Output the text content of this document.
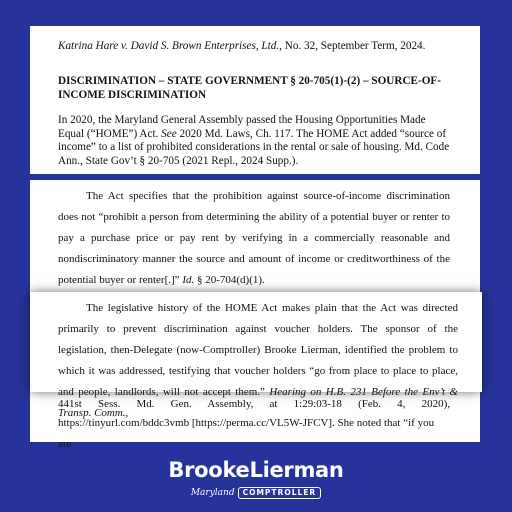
Katrina Hare v. David S. Brown Enterprises, Ltd., No. 32, September Term, 2024.
DISCRIMINATION – STATE GOVERNMENT § 20-705(1)-(2) – SOURCE-OF-INCOME DISCRIMINATION
In 2020, the Maryland General Assembly passed the Housing Opportunities Made Equal (“HOME”) Act. See 2020 Md. Laws, Ch. 117. The HOME Act added “source of income” to a list of prohibited considerations in the rental or sale of housing. Md. Code Ann., State Gov’t § 20-705 (2021 Repl., 2024 Supp.).

The Act specifies that the prohibition against source-of-income discrimination does not “prohibit a person from determining the ability of a potential buyer or renter to pay a purchase price or pay rent by verifying in a commercially reasonable and nondiscriminatory manner the source and amount of income or creditworthiness of the potential buyer or renter[.]” Id. § 20-704(d)(1).

The legislative history of the HOME Act makes plain that the Act was directed primarily to prevent discrimination against voucher holders. The sponsor of the legislation, then-Delegate (now-Comptroller) Brooke Lierman, identified the problem to which it was addressed, testifying that voucher holders “go from place to place to place, and people, landlords, will not accept them.” Hearing on H.B. 231 Before the Env’t & Transp. Comm.,

441st Sess. Md. Gen. Assembly, at 1:29:03-18 (Feb. 4, 2020),
https://tinyurl.com/bddc3vmb [https://perma.cc/VL5W-JFCV]. She noted that “if you are
BrookeLierman
Maryland	COMPTROLLER
